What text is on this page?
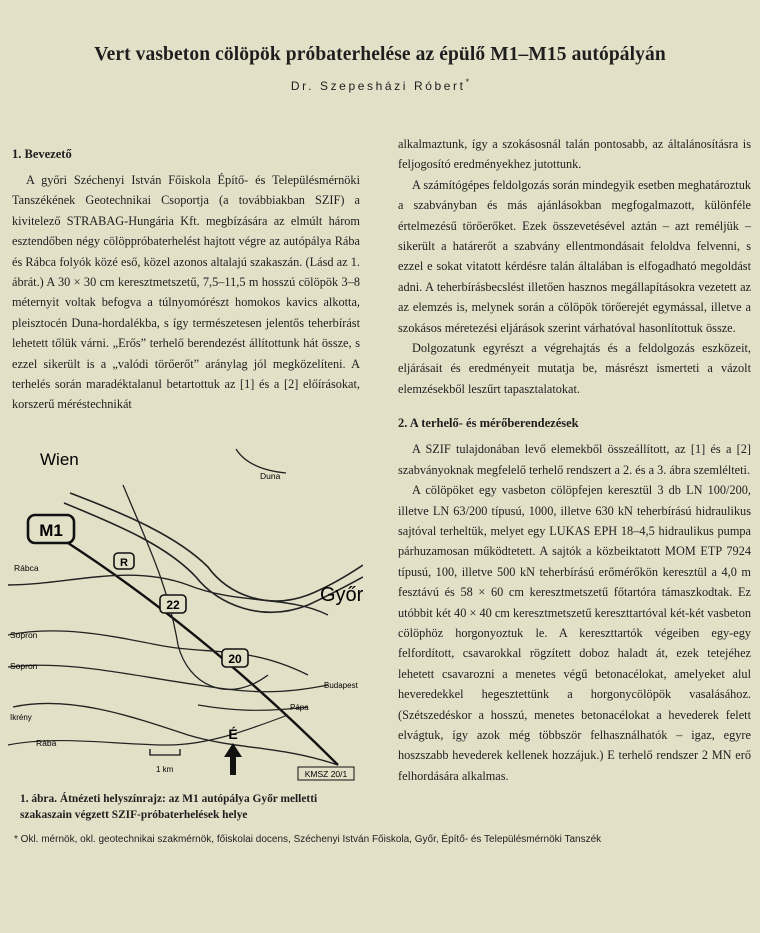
Vert vasbeton cölöpök próbaterhelése az épülő M1–M15 autópályán
Dr. Szepesházi Róbert*
1. Bevezető

A győri Széchenyi István Főiskola Építő- és Településmérnöki Tanszékének Geotechnikai Csoportja (a továbbiakban SZIF) a kivitelező STRABAG-Hungária Kft. megbízására az elmúlt három esztendőben négy cölöppróbaterhelést hajtott végre az autópálya Rába és Rábca folyók közé eső, közel azonos altalajú szakaszán. (Lásd az 1. ábrát.) A 30 × 30 cm keresztmetszetű, 7,5–11,5 m hosszú cölöpök 3–8 méternyit voltak befogva a túlnyomórészt homokos kavics alkotta, pleisztocén Duna-hordalékba, s így természetesen jelentős teherbírást lehetett tőlük várni. „Erős” terhelő berendezést állítottunk hát össze, s ezzel sikerült is a „valódi törőerőt” aránylag jól megközelíteni. A terhelés során maradéktalanul betartottuk az [1] és a [2] előírásokat, korszerű méréstechnikát

alkalmaztunk, így a szokásosnál talán pontosabb, az általánosításra is feljogosító eredményekhez jutottunk.

A számítógépes feldolgozás során mindegyik esetben meghatároztuk a szabványban és más ajánlásokban megfogalmazott, különféle értelmezésű törőerőket. Ezek összevetésével aztán – azt reméljük – sikerült a határerőt a szabvány ellentmondásait feloldva felvenni, s ezzel e sokat vitatott kérdésre talán általában is elfogadható megoldást adni. A teherbírásbecslést illetően hasznos megállapításokra vezetett az az elemzés is, melynek során a cölöpök törőerejét egymással, illetve a szokásos méretezési eljárások szerint várhatóval hasonlítottuk össze.

Dolgozatunk egyrészt a végrehajtás és a feldolgozás eszközeit, eljárásait és eredményeit mutatja be, másrészt ismerteti a vázolt elemzésekből leszűrt tapasztalatokat.

2. A terhelő- és mérőberendezések

A SZIF tulajdonában levő elemekből összeállított, az [1] és a [2] szabványoknak megfelelő terhelő rendszert a 2. és a 3. ábra szemlélteti.

A cölöpöket egy vasbeton cölöpfejen keresztül 3 db LN 100/200, illetve LN 63/200 típusú, 1000, illetve 630 kN teherbírású hidraulikus sajtóval terheltük, melyet egy LUKAS EPH 18–4,5 hidraulikus pumpa párhuzamosan működtetett. A sajtók a közbeiktatott MOM ETP 7924 típusú, 100, illetve 500 kN teherbírású erőmérőkön keresztül a 4,0 m fesztávú és 58 × 60 cm keresztmetszetű főtartóra támaszkodtak. Ez utóbbit két 40 × 40 cm keresztmetszetű kereszttartóval két-két vasbeton cölöphöz horgonyoztuk le. A kereszttartók végeiben egy-egy felfordított, csavarokkal rögzített doboz haladt át, ezek tetejéhez lehetett csavarozni a menetes végű betonacélokat, amelyeket alul heveredekkel hegesztettünk a horgonycölöpök vasalásához. (Szétszedéskor a hosszú, menetes betonacélokat a hevederek felett elvágtuk, így azok még többször felhasználhatók – igaz, egyre hoszszabb hevederek kellenek hozzájuk.) E terhelő rendszer 2 MN erő felhordására alkalmas.

Wien
Duna
M1
R
Rábca
22	Győr
Sopron
Sopron	20
Budapest
Ikrény
Rába
Pápa
É
1 km	KMSZ 20/1
1. ábra. Átnézeti helyszínrajz: az M1 autópálya Győr melletti szakaszain végzett SZIF-próbaterhelések helye
* Okl. mérnök, okl. geotechnikai szakmérnök, főiskolai docens, Széchenyi István Főiskola, Győr, Építő- és Településmérnöki Tanszék
